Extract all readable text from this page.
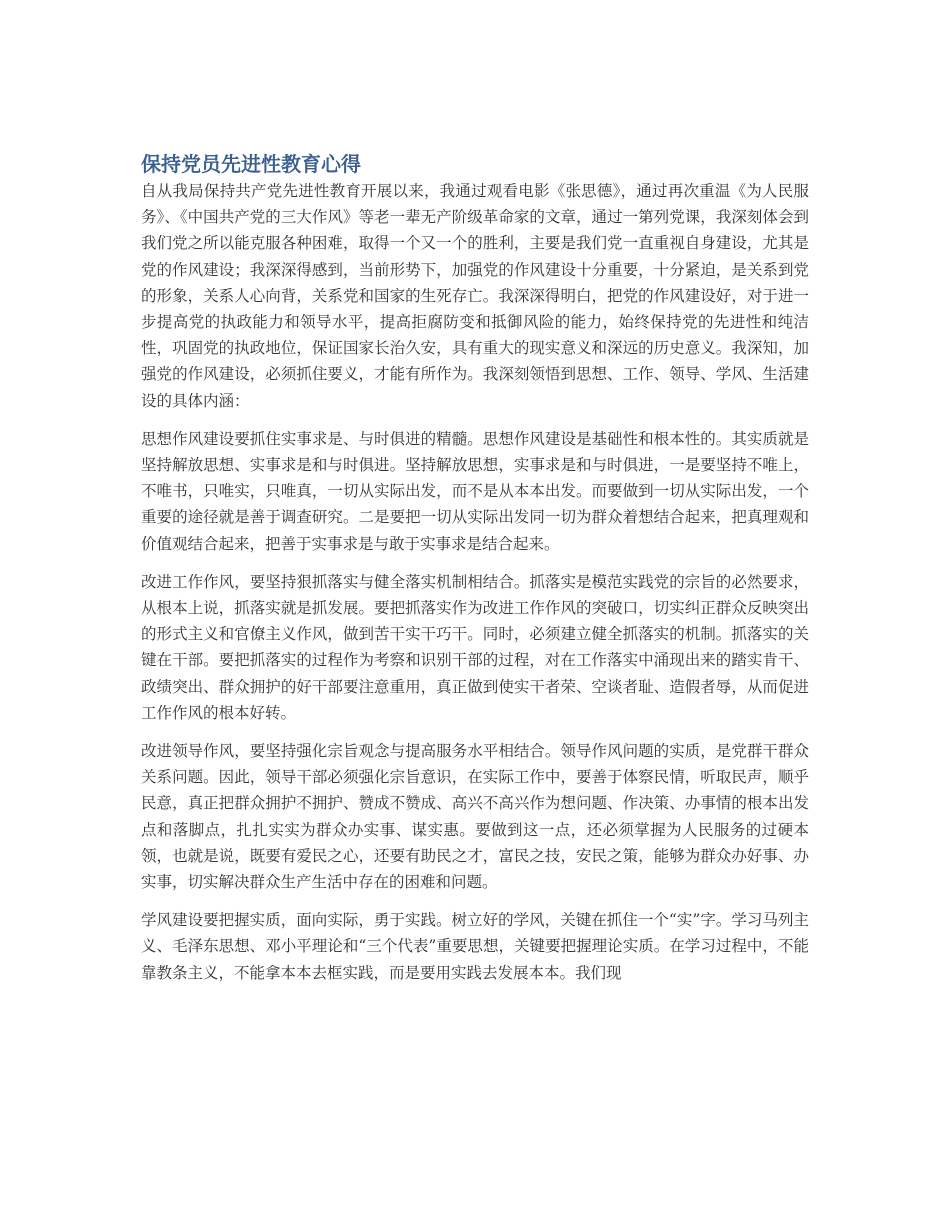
保持党员先进性教育心得

自从我局保持共产党先进性教育开展以来，我通过观看电影《张思德》，通过再次重温《为人民服务》、《中国共产党的三大作风》等老一辈无产阶级革命家的文章，通过一第列党课，我深刻体会到我们党之所以能克服各种困难，取得一个又一个的胜利，主要是我们党一直重视自身建设，尤其是党的作风建设；我深深得感到，当前形势下，加强党的作风建设十分重要，十分紧迫，是关系到党的形象，关系人心向背，关系党和国家的生死存亡。我深深得明白，把党的作风建设好，对于进一步提高党的执政能力和领导水平，提高拒腐防变和抵御风险的能力，始终保持党的先进性和纯洁性，巩固党的执政地位，保证国家长治久安，具有重大的现实意义和深远的历史意义。我深知，加强党的作风建设，必须抓住要义，才能有所作为。我深刻领悟到思想、工作、领导、学风、生活建设的具体内涵：

思想作风建设要抓住实事求是、与时俱进的精髓。思想作风建设是基础性和根本性的。其实质就是坚持解放思想、实事求是和与时俱进。坚持解放思想，实事求是和与时俱进，一是要坚持不唯上，不唯书，只唯实，只唯真，一切从实际出发，而不是从本本出发。而要做到一切从实际出发，一个重要的途径就是善于调查研究。二是要把一切从实际出发同一切为群众着想结合起来，把真理观和价值观结合起来，把善于实事求是与敢于实事求是结合起来。

改进工作作风，要坚持狠抓落实与健全落实机制相结合。抓落实是模范实践党的宗旨的必然要求，从根本上说，抓落实就是抓发展。要把抓落实作为改进工作作风的突破口，切实纠正群众反映突出的形式主义和官僚主义作风，做到苦干实干巧干。同时，必须建立健全抓落实的机制。抓落实的关键在干部。要把抓落实的过程作为考察和识别干部的过程，对在工作落实中涌现出来的踏实肯干、政绩突出、群众拥护的好干部要注意重用，真正做到使实干者荣、空谈者耻、造假者辱，从而促进工作作风的根本好转。

改进领导作风，要坚持强化宗旨观念与提高服务水平相结合。领导作风问题的实质，是党群干群众关系问题。因此，领导干部必须强化宗旨意识，在实际工作中，要善于体察民情，听取民声，顺乎民意，真正把群众拥护不拥护、赞成不赞成、高兴不高兴作为想问题、作决策、办事情的根本出发点和落脚点，扎扎实实为群众办实事、谋实惠。要做到这一点，还必须掌握为人民服务的过硬本领，也就是说，既要有爱民之心，还要有助民之才，富民之技，安民之策，能够为群众办好事、办实事，切实解决群众生产生活中存在的困难和问题。

学风建设要把握实质，面向实际，勇于实践。树立好的学风，关键在抓住一个“实”字。学习马列主义、毛泽东思想、邓小平理论和“三个代表”重要思想，关键要把握理论实质。在学习过程中，不能靠教条主义，不能拿本本去框实践，而是要用实践去发展本本。我们现
